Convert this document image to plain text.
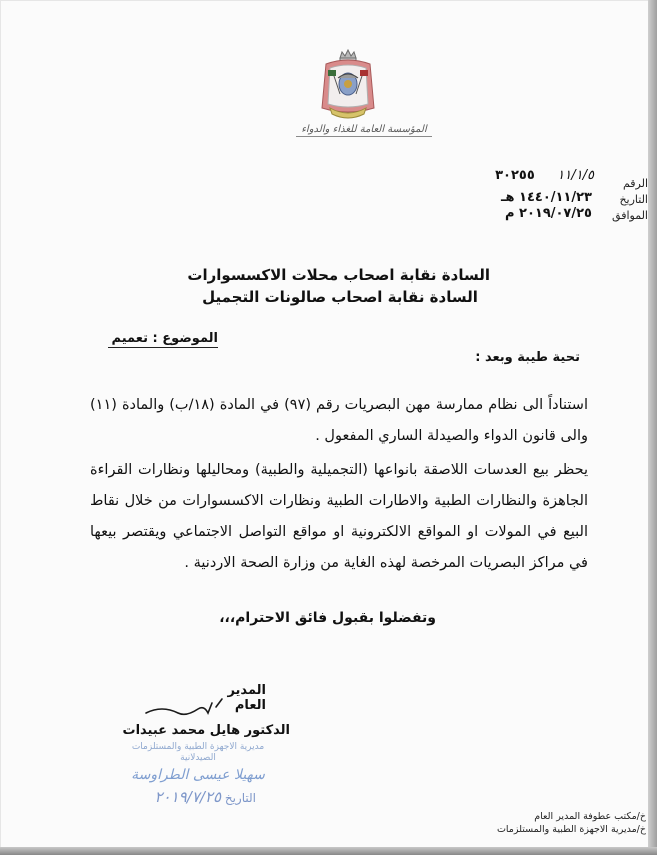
المؤسسة العامة للغذاء والدواء
الرقم
التاريخ
الموافق
١١/١/٥ ٣٠٢٥٥
١٤٤٠/١١/٢٣ هـ
٢٠١٩/٠٧/٢٥ م
السادة نقابة اصحاب محلات الاكسسوارات
السادة نقابة اصحاب صالونات التجميل
الموضوع : تعميم
تحية طيبة وبعد :

استناداً الى نظام ممارسة مهن البصريات رقم (٩٧) في المادة (١٨/ب) والمادة (١١) والى قانون الدواء والصيدلة الساري المفعول .

يحظر بيع العدسات اللاصقة بانواعها (التجميلية والطبية) ومحاليلها ونظارات القراءة الجاهزة والنظارات الطبية والاطارات الطبية ونظارات الاكسسوارات من خلال نقاط البيع في المولات او المواقع الالكترونية او مواقع التواصل الاجتماعي ويقتصر بيعها في مراكز البصريات المرخصة لهذه الغاية من وزارة الصحة الاردنية .

وتفضلوا بقبول فائق الاحترام،،،
المدير العام
الدكتور هايل محمد عبيدات
مديرية الاجهزة الطبية والمستلزمات
الصيدلانية
سهيلا عيسى الطراوسة
التاريخ ٢٠١٩/٧/٢٥
خ/مكتب عطوفة المدير العام
خ/مديرية الاجهزة الطبية والمستلزمات
